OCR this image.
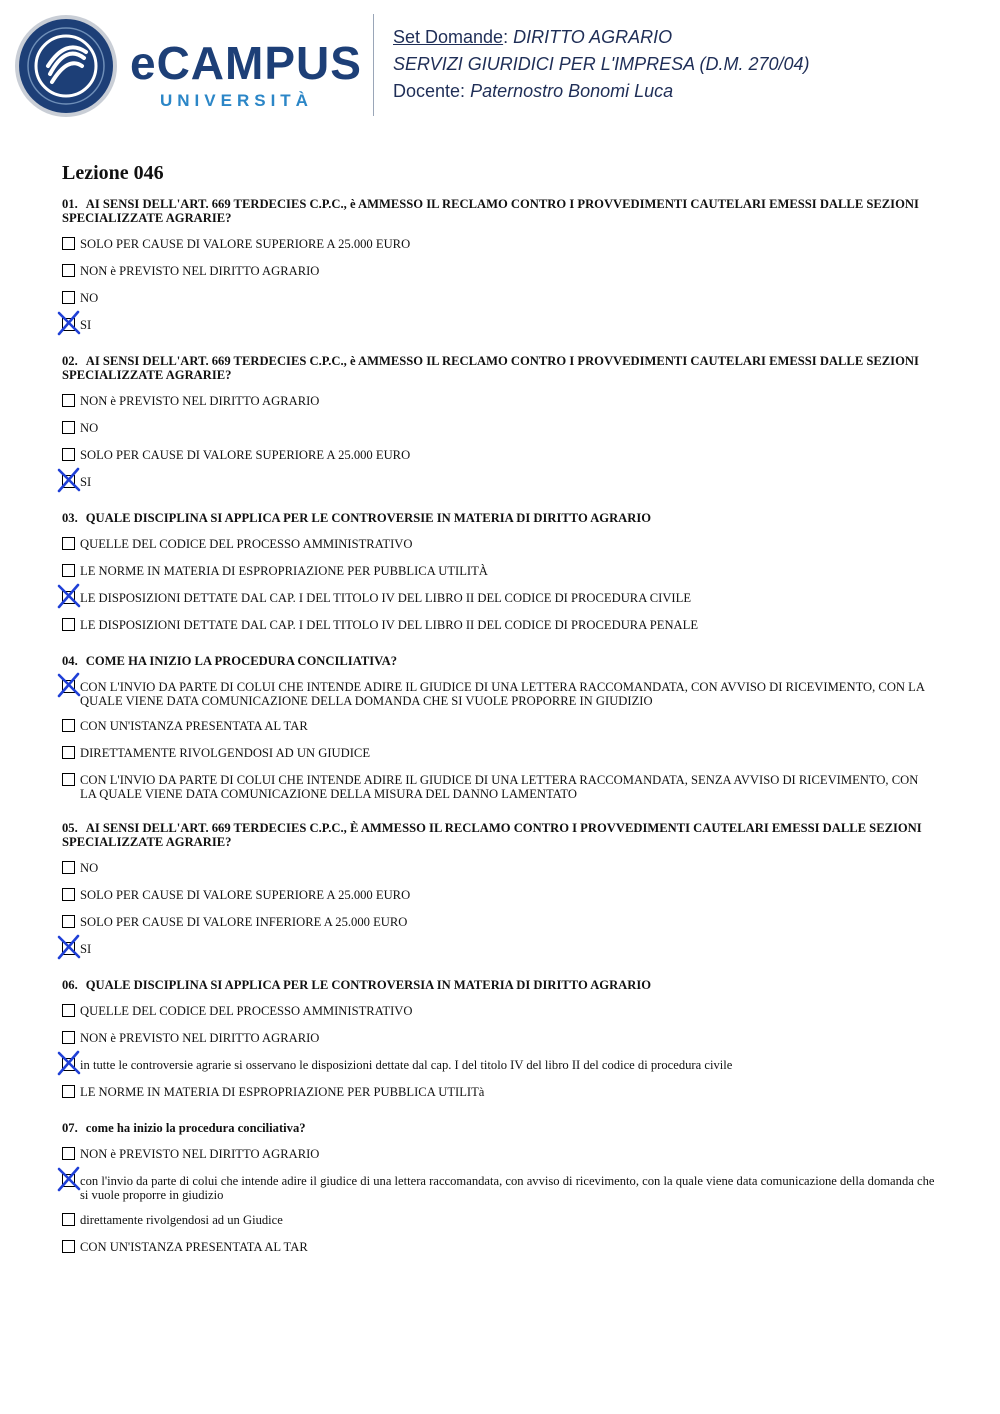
eCAMPUS
UNIVERSITÀ
Set Domande: DIRITTO AGRARIO
SERVIZI GIURIDICI PER L'IMPRESA (D.M. 270/04)
Docente: Paternostro Bonomi Luca
Lezione 046
01. AI SENSI DELL'ART. 669 TERDECIES C.P.C., è AMMESSO IL RECLAMO CONTRO I PROVVEDIMENTI CAUTELARI EMESSI DALLE SEZIONI SPECIALIZZATE AGRARIE?
SOLO PER CAUSE DI VALORE SUPERIORE A 25.000 EURO
NON è PREVISTO NEL DIRITTO AGRARIO
NO
SI
02. AI SENSI DELL'ART. 669 TERDECIES C.P.C., è AMMESSO IL RECLAMO CONTRO I PROVVEDIMENTI CAUTELARI EMESSI DALLE SEZIONI SPECIALIZZATE AGRARIE?
NON è PREVISTO NEL DIRITTO AGRARIO
NO
SOLO PER CAUSE DI VALORE SUPERIORE A 25.000 EURO
SI
03. QUALE DISCIPLINA SI APPLICA PER LE CONTROVERSIE IN MATERIA DI DIRITTO AGRARIO
QUELLE DEL CODICE DEL PROCESSO AMMINISTRATIVO
LE NORME IN MATERIA DI ESPROPRIAZIONE PER PUBBLICA UTILITÀ
LE DISPOSIZIONI DETTATE DAL CAP. I DEL TITOLO IV DEL LIBRO II DEL CODICE DI PROCEDURA CIVILE
LE DISPOSIZIONI DETTATE DAL CAP. I DEL TITOLO IV DEL LIBRO II DEL CODICE DI PROCEDURA PENALE
04. COME HA INIZIO LA PROCEDURA CONCILIATIVA?
CON L'INVIO DA PARTE DI COLUI CHE INTENDE ADIRE IL GIUDICE DI UNA LETTERA RACCOMANDATA, CON AVVISO DI RICEVIMENTO, CON LA QUALE VIENE DATA COMUNICAZIONE DELLA DOMANDA CHE SI VUOLE PROPORRE IN GIUDIZIO
CON UN'ISTANZA PRESENTATA AL TAR
DIRETTAMENTE RIVOLGENDOSI AD UN GIUDICE
CON L'INVIO DA PARTE DI COLUI CHE INTENDE ADIRE IL GIUDICE DI UNA LETTERA RACCOMANDATA, SENZA AVVISO DI RICEVIMENTO, CON LA QUALE VIENE DATA COMUNICAZIONE DELLA MISURA DEL DANNO LAMENTATO
05. AI SENSI DELL'ART. 669 TERDECIES C.P.C., È AMMESSO IL RECLAMO CONTRO I PROVVEDIMENTI CAUTELARI EMESSI DALLE SEZIONI SPECIALIZZATE AGRARIE?
NO
SOLO PER CAUSE DI VALORE SUPERIORE A 25.000 EURO
SOLO PER CAUSE DI VALORE INFERIORE A 25.000 EURO
SI
06. QUALE DISCIPLINA SI APPLICA PER LE CONTROVERSIA IN MATERIA DI DIRITTO AGRARIO
QUELLE DEL CODICE DEL PROCESSO AMMINISTRATIVO
NON è PREVISTO NEL DIRITTO AGRARIO
in tutte le controversie agrarie si osservano le disposizioni dettate dal cap. I del titolo IV del libro II del codice di procedura civile
LE NORME IN MATERIA DI ESPROPRIAZIONE PER PUBBLICA UTILITà
07. come ha inizio la procedura conciliativa?
NON è PREVISTO NEL DIRITTO AGRARIO
con l'invio da parte di colui che intende adire il giudice di una lettera raccomandata, con avviso di ricevimento, con la quale viene data comunicazione della domanda che si vuole proporre in giudizio
direttamente rivolgendosi ad un Giudice
CON UN'ISTANZA PRESENTATA AL TAR
